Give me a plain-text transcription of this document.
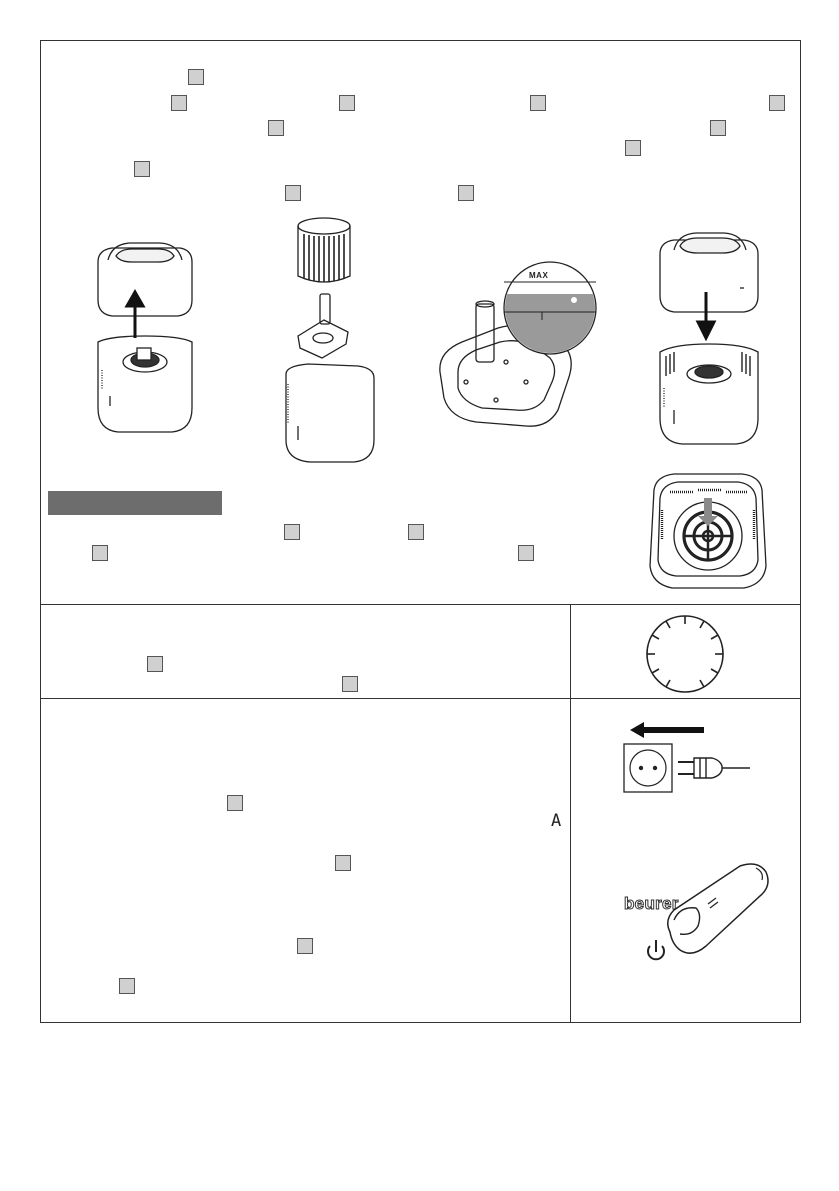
MAX
A
beurer
